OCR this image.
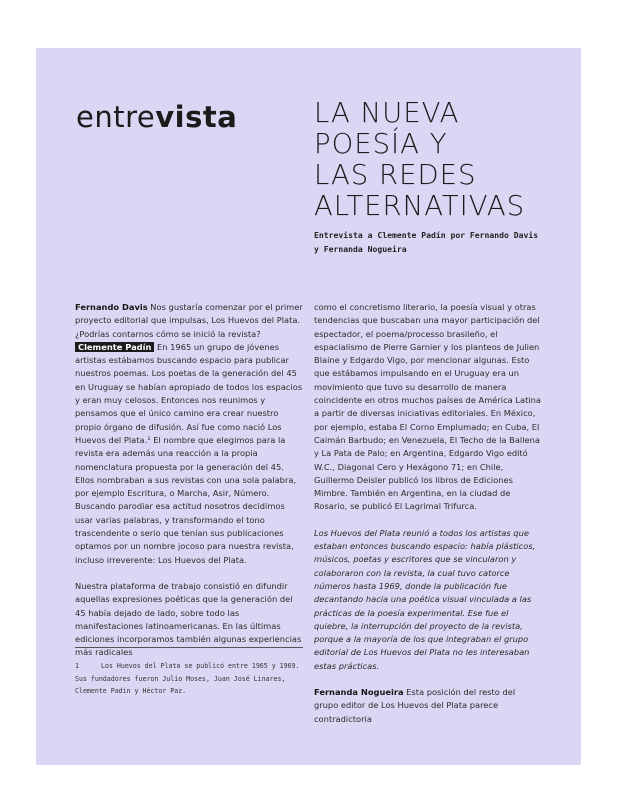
entrevista	LA NUEVA
POESÍA Y
LAS REDES
ALTERNATIVAS
Entrevista a Clemente Padín por Fernando Davis y Fernanda Nogueira

Fernando Davis Nos gustaría comenzar por el primer proyecto editorial que impulsas, Los Huevos del Plata. ¿Podrías contarnos cómo se inició la revista?
Clemente Padín En 1965 un grupo de jóvenes artistas estábamos buscando espacio para publicar nuestros poemas. Los poetas de la generación del 45 en Uruguay se habían apropiado de todos los espacios y eran muy celosos. Entonces nos reunimos y pensamos que el único camino era crear nuestro propio órgano de difusión. Así fue como nació Los Huevos del Plata.¹ El nombre que elegimos para la revista era además una reacción a la propia nomenclatura propuesta por la generación del 45. Ellos nombraban a sus revistas con una sola palabra, por ejemplo Escritura, o Marcha, Asir, Número. Buscando parodiar esa actitud nosotros decidimos usar varias palabras, y transformando el tono trascendente o serio que tenían sus publicaciones optamos por un nombre jocoso para nuestra revista, incluso irreverente: Los Huevos del Plata.

Nuestra plataforma de trabajo consistió en difundir aquellas expresiones poéticas que la generación del 45 había dejado de lado, sobre todo las manifestaciones latinoamericanas. En las últimas ediciones incorporamos también algunas experiencias más radicales

1	Los Huevos del Plata se publicó entre 1965 y 1969. Sus fundadores fueron Julio Moses, Juan José Linares, Clemente Padín y Héctor Paz.

como el concretismo literario, la poesía visual y otras tendencias que buscaban una mayor participación del espectador, el poema/processo brasileño, el espacialismo de Pierre Garnier y los planteos de Julien Blaine y Edgardo Vigo, por mencionar algunas. Esto que estábamos impulsando en el Uruguay era un movimiento que tuvo su desarrollo de manera coincidente en otros muchos países de América Latina a partir de diversas iniciativas editoriales. En México, por ejemplo, estaba El Corno Emplumado; en Cuba, El Caimán Barbudo; en Venezuela, El Techo de la Ballena y La Pata de Palo; en Argentina, Edgardo Vigo editó W.C., Diagonal Cero y Hexágono 71; en Chile, Guillermo Deisler publicó los libros de Ediciones Mimbre. También en Argentina, en la ciudad de Rosario, se publicó El Lagrimal Trifurca.

Los Huevos del Plata reunió a todos los artistas que estaban entonces buscando espacio: había plásticos, músicos, poetas y escritores que se vincularon y colaboraron con la revista, la cual tuvo catorce números hasta 1969, donde la publicación fue decantando hacia una poética visual vinculada a las prácticas de la poesía experimental. Ese fue el quiebre, la interrupción del proyecto de la revista, porque a la mayoría de los que integraban el grupo editorial de Los Huevos del Plata no les interesaban estas prácticas.

Fernanda Nogueira Esta posición del resto del grupo editor de Los Huevos del Plata parece contradictoria
